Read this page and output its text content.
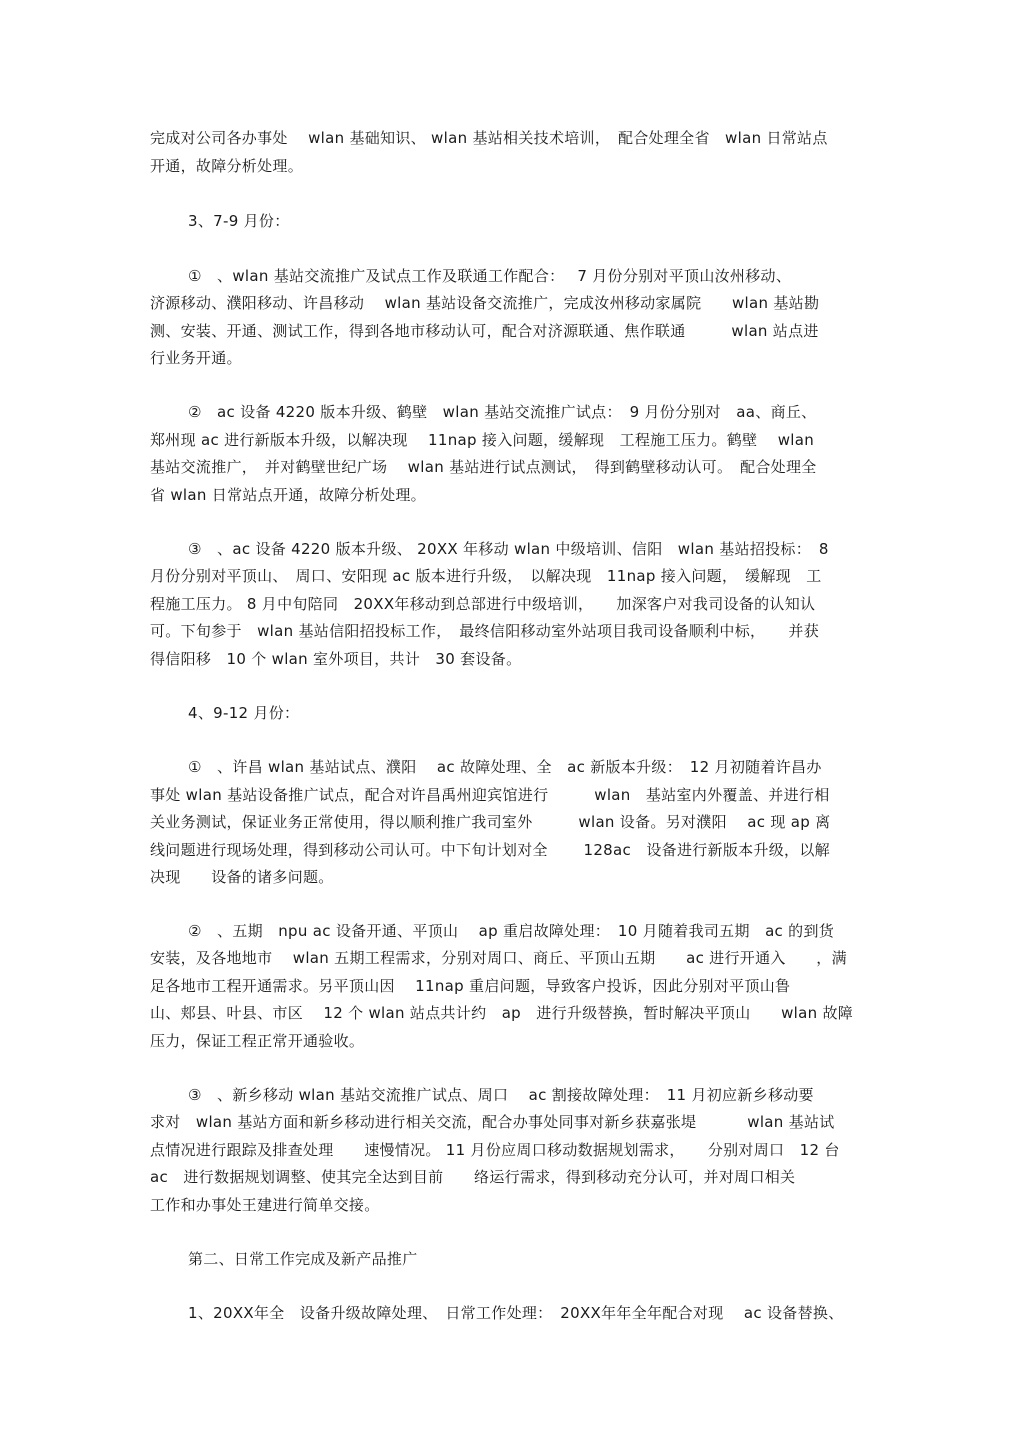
完成对公司各办事处　 wlan 基础知识、 wlan 基站相关技术培训，　配合处理全省　wlan 日常站点
开通，故障分析处理。
3、7-9 月份：
①　、wlan 基站交流推广及试点工作及联通工作配合：　 7 月份分别对平顶山汝州移动、
济源移动、濮阳移动、许昌移动　 wlan 基站设备交流推广，完成汝州移动家属院　　wlan 基站勘
测、安装、开通、测试工作，得到各地市移动认可，配合对济源联通、焦作联通　　　wlan 站点进
行业务开通。
②　ac 设备 4220 版本升级、鹤壁　wlan 基站交流推广试点：　9 月份分别对　aa、商丘、
郑州现 ac 进行新版本升级，以解决现　 11nap 接入问题，缓解现　工程施工压力。鹤壁　 wlan
基站交流推广，　并对鹤壁世纪广场　 wlan 基站进行试点测试，　得到鹤壁移动认可。　配合处理全
省 wlan 日常站点开通，故障分析处理。
③　、ac 设备 4220 版本升级、 20XX 年移动 wlan 中级培训、信阳　wlan 基站招投标：　8
月份分别对平顶山、　周口、安阳现 ac 版本进行升级，　以解决现　11nap 接入问题，　缓解现　工
程施工压力。 8 月中旬陪同　20XX年移动到总部进行中级培训，　　加深客户对我司设备的认知认
可。下旬参于　wlan 基站信阳招投标工作，　最终信阳移动室外站项目我司设备顺利中标，　　并获
得信阳移　10 个 wlan 室外项目，共计　30 套设备。
4、9-12 月份：
①　、许昌 wlan 基站试点、濮阳　 ac 故障处理、全　ac 新版本升级：　12 月初随着许昌办
事处 wlan 基站设备推广试点，配合对许昌禹州迎宾馆进行　　　wlan　基站室内外覆盖、并进行相
关业务测试，保证业务正常使用，得以顺利推广我司室外　　　wlan 设备。另对濮阳　 ac 现 ap 离
线问题进行现场处理，得到移动公司认可。中下旬计划对全　　 128ac　设备进行新版本升级，以解
决现　　设备的诸多问题。
②　、五期　npu ac 设备开通、平顶山　 ap 重启故障处理：　10 月随着我司五期　ac 的到货
安装，及各地地市　 wlan 五期工程需求，分别对周口、商丘、平顶山五期　　ac 进行开通入　　，满
足各地市工程开通需求。另平顶山因　 11nap 重启问题，导致客户投诉，因此分别对平顶山鲁
山、郏县、叶县、市区　 12 个 wlan 站点共计约　ap　进行升级替换，暂时解决平顶山　　wlan 故障
压力，保证工程正常开通验收。
③　、新乡移动 wlan 基站交流推广试点、周口　 ac 割接故障处理：　11 月初应新乡移动要
求对　wlan 基站方面和新乡移动进行相关交流，配合办事处同事对新乡获嘉张堤　　　 wlan 基站试
点情况进行跟踪及排查处理　　速慢情况。 11 月份应周口移动数据规划需求，　　分别对周口　12 台
ac　进行数据规划调整、使其完全达到目前　　络运行需求，得到移动充分认可，并对周口相关
工作和办事处王建进行简单交接。
第二、日常工作完成及新产品推广
1、20XX年全　设备升级故障处理、　日常工作处理：　20XX年年全年配合对现　 ac 设备替换、
